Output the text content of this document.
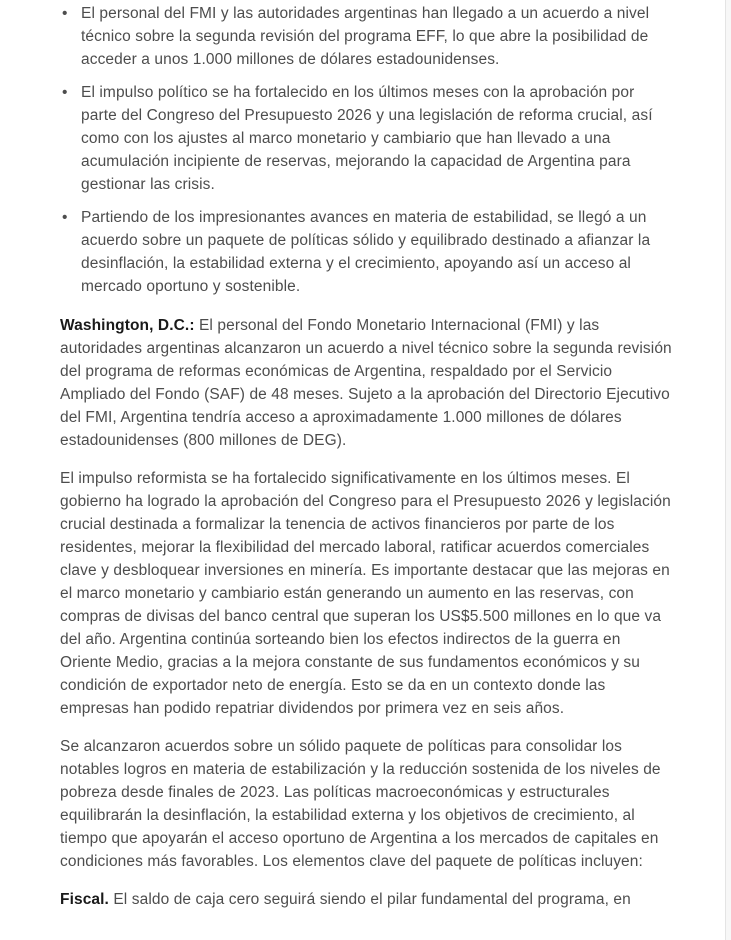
• El personal del FMI y las autoridades argentinas han llegado a un acuerdo a nivel técnico sobre la segunda revisión del programa EFF, lo que abre la posibilidad de acceder a unos 1.000 millones de dólares estadounidenses.
• El impulso político se ha fortalecido en los últimos meses con la aprobación por parte del Congreso del Presupuesto 2026 y una legislación de reforma crucial, así como con los ajustes al marco monetario y cambiario que han llevado a una acumulación incipiente de reservas, mejorando la capacidad de Argentina para gestionar las crisis.
• Partiendo de los impresionantes avances en materia de estabilidad, se llegó a un acuerdo sobre un paquete de políticas sólido y equilibrado destinado a afianzar la desinflación, la estabilidad externa y el crecimiento, apoyando así un acceso al mercado oportuno y sostenible.

Washington, D.C.: El personal del Fondo Monetario Internacional (FMI) y las autoridades argentinas alcanzaron un acuerdo a nivel técnico sobre la segunda revisión del programa de reformas económicas de Argentina, respaldado por el Servicio Ampliado del Fondo (SAF) de 48 meses. Sujeto a la aprobación del Directorio Ejecutivo del FMI, Argentina tendría acceso a aproximadamente 1.000 millones de dólares estadounidenses (800 millones de DEG).

El impulso reformista se ha fortalecido significativamente en los últimos meses. El gobierno ha logrado la aprobación del Congreso para el Presupuesto 2026 y legislación crucial destinada a formalizar la tenencia de activos financieros por parte de los residentes, mejorar la flexibilidad del mercado laboral, ratificar acuerdos comerciales clave y desbloquear inversiones en minería. Es importante destacar que las mejoras en el marco monetario y cambiario están generando un aumento en las reservas, con compras de divisas del banco central que superan los US$5.500 millones en lo que va del año. Argentina continúa sorteando bien los efectos indirectos de la guerra en Oriente Medio, gracias a la mejora constante de sus fundamentos económicos y su condición de exportador neto de energía. Esto se da en un contexto donde las empresas han podido repatriar dividendos por primera vez en seis años.

Se alcanzaron acuerdos sobre un sólido paquete de políticas para consolidar los notables logros en materia de estabilización y la reducción sostenida de los niveles de pobreza desde finales de 2023. Las políticas macroeconómicas y estructurales equilibrarán la desinflación, la estabilidad externa y los objetivos de crecimiento, al tiempo que apoyarán el acceso oportuno de Argentina a los mercados de capitales en condiciones más favorables. Los elementos clave del paquete de políticas incluyen:

Fiscal. El saldo de caja cero seguirá siendo el pilar fundamental del programa, en
